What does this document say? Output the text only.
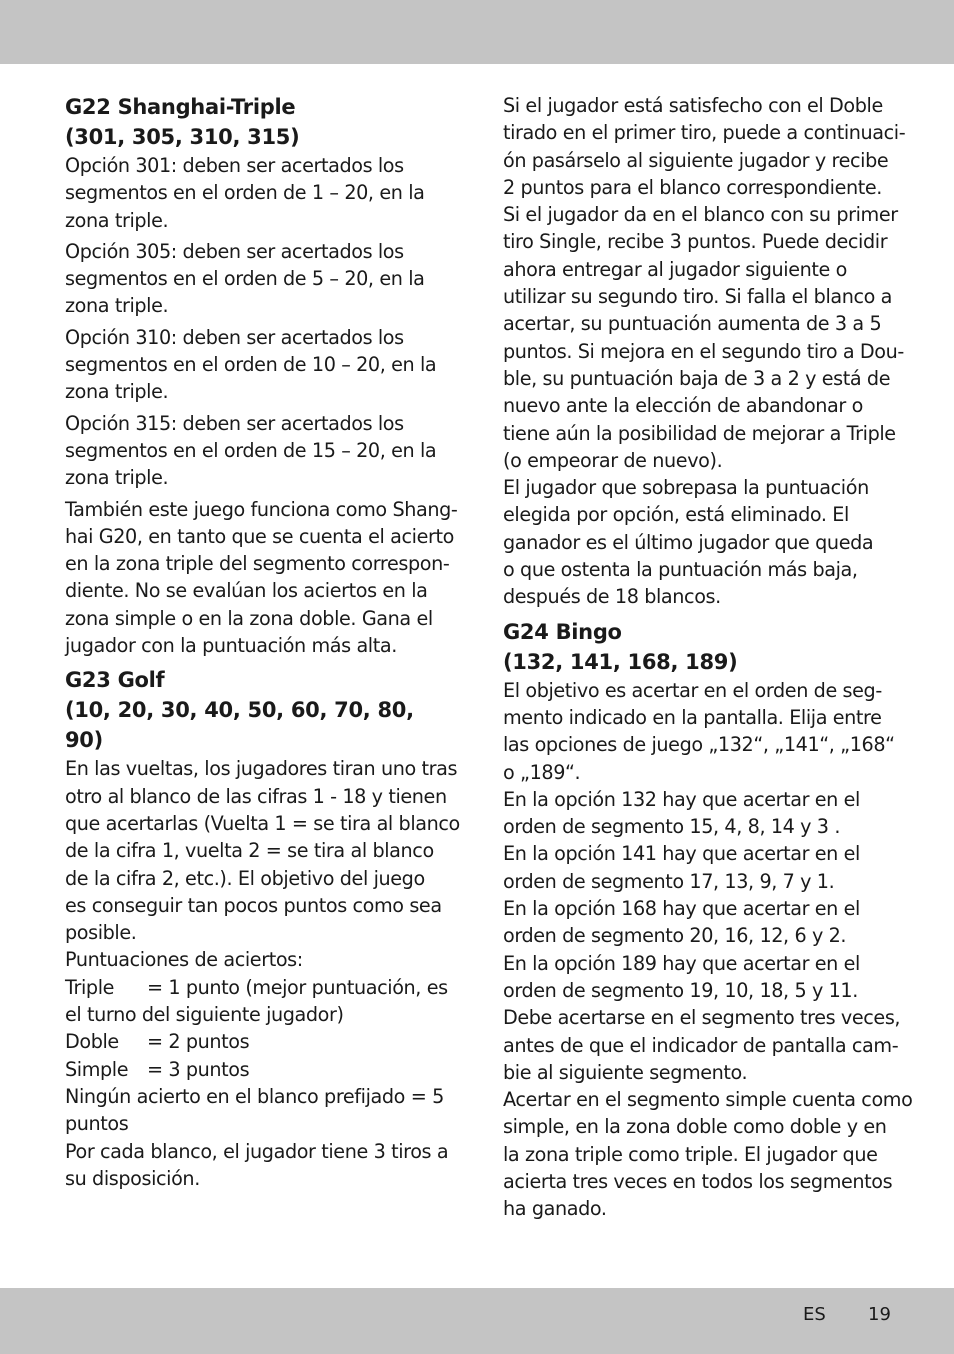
G22 Shanghai-Triple
(301, 305, 310, 315)

Opción 301: deben ser acertados los
segmentos en el orden de 1 – 20, en la
zona triple.

Opción 305: deben ser acertados los
segmentos en el orden de 5 – 20, en la
zona triple.

Opción 310: deben ser acertados los
segmentos en el orden de 10 – 20, en la
zona triple.

Opción 315: deben ser acertados los
segmentos en el orden de 15 – 20, en la
zona triple.

También este juego funciona como Shang-
hai G20, en tanto que se cuenta el acierto
en la zona triple del segmento correspon-
diente. No se evalúan los aciertos en la
zona simple o en la zona doble. Gana el
jugador con la puntuación más alta.

G23 Golf
(10, 20, 30, 40, 50, 60, 70, 80,
90)

En las vueltas, los jugadores tiran uno tras
otro al blanco de las cifras 1 - 18 y tienen
que acertarlas (Vuelta 1 = se tira al blanco
de la cifra 1, vuelta 2 = se tira al blanco
de la cifra 2, etc.). El objetivo del juego
es conseguir tan pocos puntos como sea
posible.

Puntuaciones de aciertos:
Triple = 1 punto (mejor puntuación, es
el turno del siguiente jugador)
Doble = 2 puntos
Simple = 3 puntos
Ningún acierto en el blanco prefijado = 5
puntos
Por cada blanco, el jugador tiene 3 tiros a
su disposición.

Si el jugador está satisfecho con el Doble
tirado en el primer tiro, puede a continuaci-
ón pasárselo al siguiente jugador y recibe
2 puntos para el blanco correspondiente.
Si el jugador da en el blanco con su primer
tiro Single, recibe 3 puntos. Puede decidir
ahora entregar al jugador siguiente o
utilizar su segundo tiro. Si falla el blanco a
acertar, su puntuación aumenta de 3 a 5
puntos. Si mejora en el segundo tiro a Dou-
ble, su puntuación baja de 3 a 2 y está de
nuevo ante la elección de abandonar o
tiene aún la posibilidad de mejorar a Triple
(o empeorar de nuevo).

El jugador que sobrepasa la puntuación
elegida por opción, está eliminado. El
ganador es el último jugador que queda
o que ostenta la puntuación más baja,
después de 18 blancos.

G24 Bingo
(132, 141, 168, 189)

El objetivo es acertar en el orden de seg-
mento indicado en la pantalla. Elija entre
las opciones de juego „132“, „141“, „168“
o „189“.

En la opción 132 hay que acertar en el
orden de segmento 15, 4, 8, 14 y 3 .

En la opción 141 hay que acertar en el
orden de segmento 17, 13, 9, 7 y 1.

En la opción 168 hay que acertar en el
orden de segmento 20, 16, 12, 6 y 2.

En la opción 189 hay que acertar en el
orden de segmento 19, 10, 18, 5 y 11.

Debe acertarse en el segmento tres veces,
antes de que el indicador de pantalla cam-
bie al siguiente segmento.

Acertar en el segmento simple cuenta como
simple, en la zona doble como doble y en
la zona triple como triple. El jugador que
acierta tres veces en todos los segmentos
ha ganado.

ES 19
